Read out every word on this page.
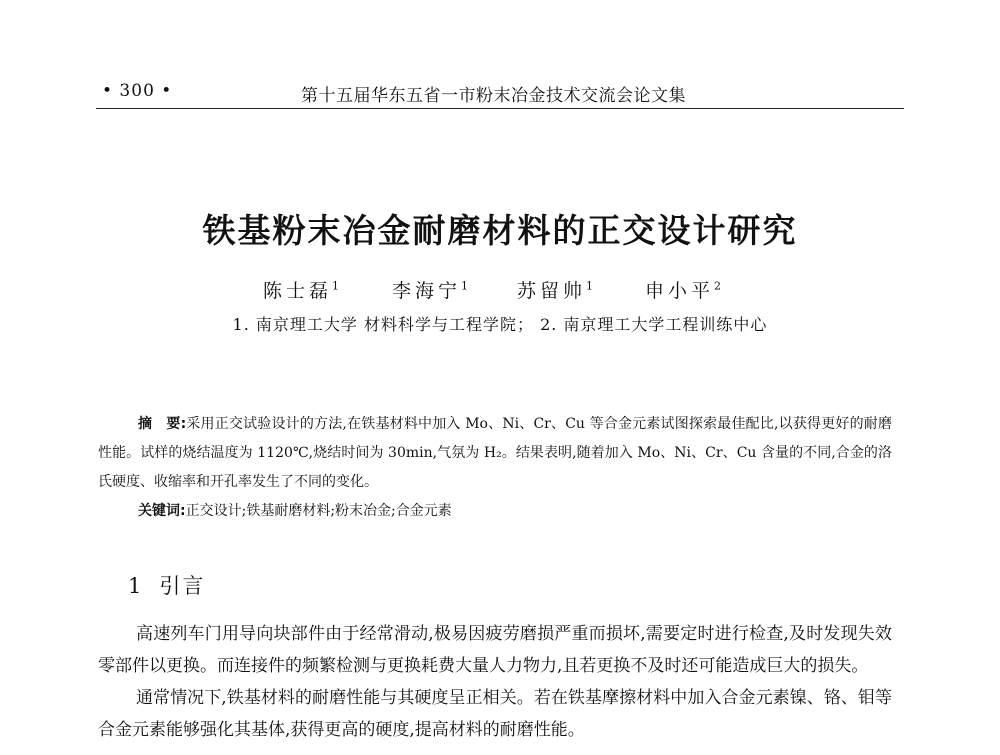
• 300 •	第十五届华东五省一市粉末冶金技术交流会论文集
铁基粉末冶金耐磨材料的正交设计研究
陈士磊$^1$	李海宁$^1$	苏留帅$^1$	申小平$^2$
1. 南京理工大学 材料科学与工程学院； 2. 南京理工大学工程训练中心
摘　要:采用正交试验设计的方法,在铁基材料中加入 Mo、Ni、Cr、Cu 等合金元素试图探索最佳配比,以获得更好的耐磨性能。试样的烧结温度为 1120℃,烧结时间为 30min,气氛为 H₂。结果表明,随着加入 Mo、Ni、Cr、Cu 含量的不同,合金的洛氏硬度、收缩率和开孔率发生了不同的变化。
关键词:正交设计;铁基耐磨材料;粉末冶金;合金元素
1 引言

高速列车门用导向块部件由于经常滑动,极易因疲劳磨损严重而损坏,需要定时进行检查,及时发现失效零部件以更换。而连接件的频繁检测与更换耗费大量人力物力,且若更换不及时还可能造成巨大的损失。

通常情况下,铁基材料的耐磨性能与其硬度呈正相关。若在铁基摩擦材料中加入合金元素镍、铬、钼等合金元素能够强化其基体,获得更高的硬度,提高材料的耐磨性能。
